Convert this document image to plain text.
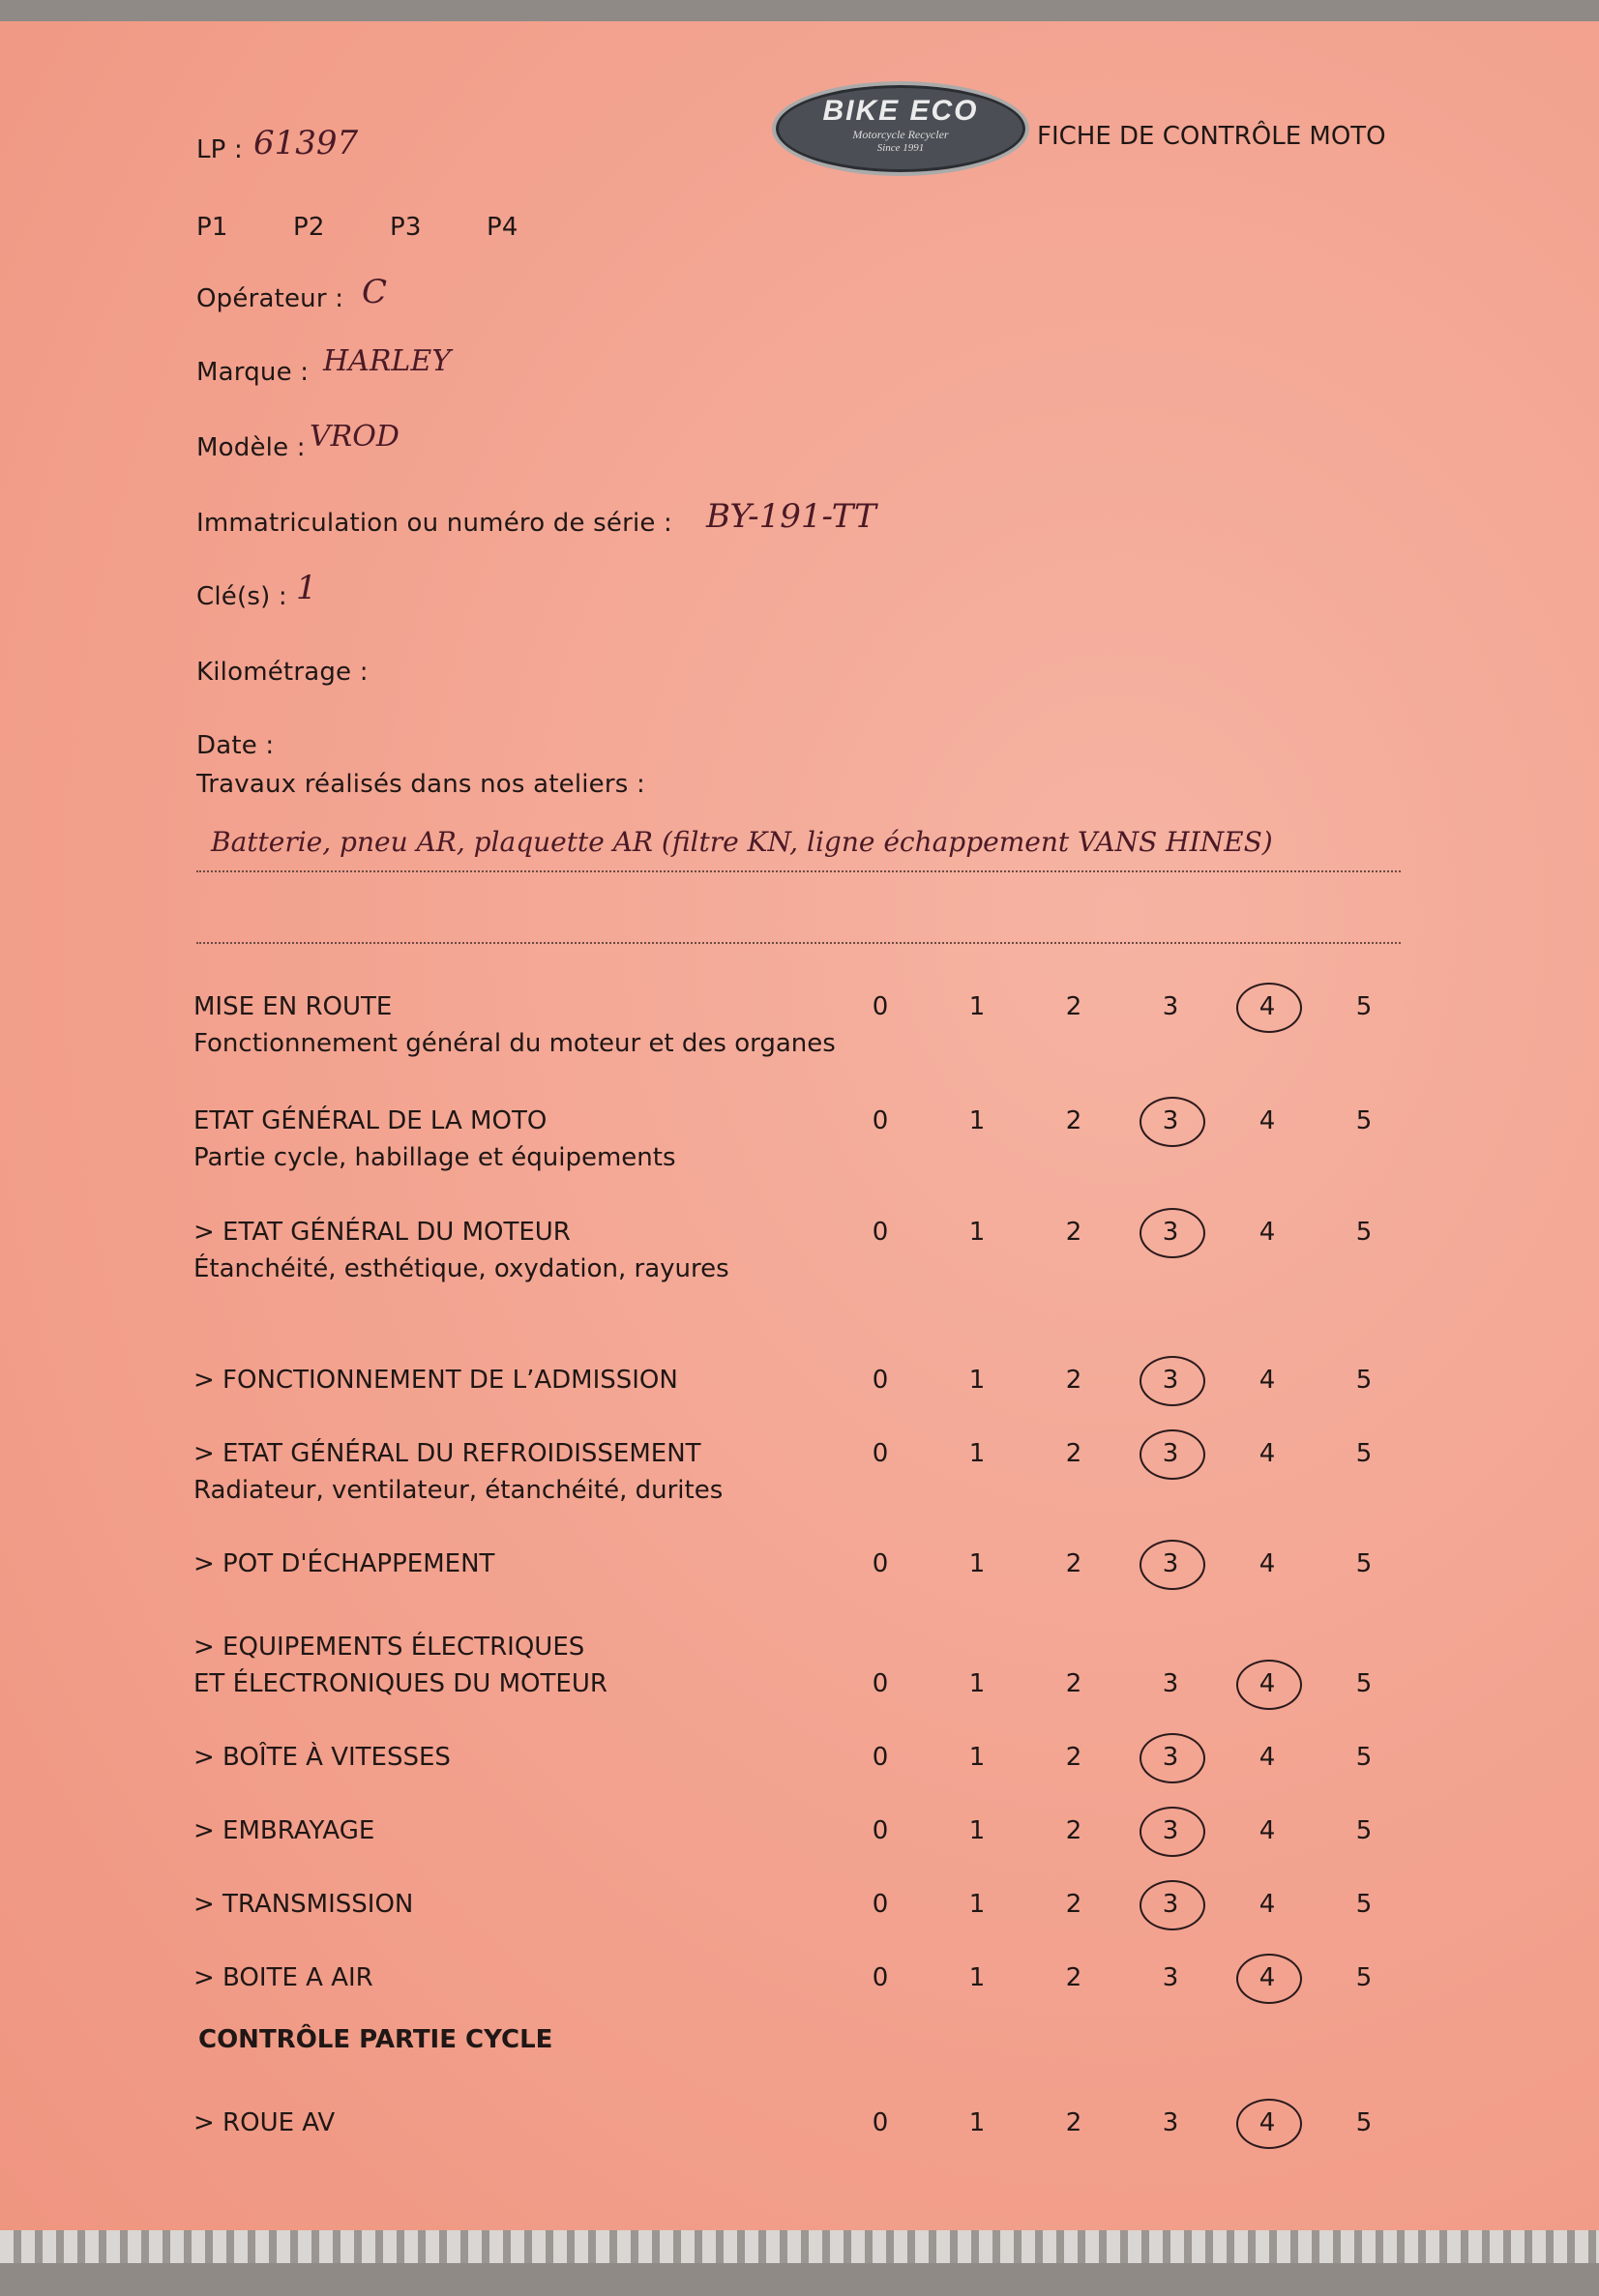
BIKE ECO
Motorcycle Recycler
Since 1991	FICHE DE CONTRÔLE MOTO
LP : 61397
P1	P2	P3	P4
Opérateur : C
Marque : HARLEY
Modèle : VROD
Immatriculation ou numéro de série : BY-191-TT
Clé(s) : 1
Kilométrage :
Date :
Travaux réalisés dans nos ateliers :
Batterie, pneu AR, plaquette AR (filtre KN, ligne échappement VANS HINES)
MISE EN ROUTE
Fonctionnement général du moteur et des organes
0	1	2	3	4	5
ETAT GÉNÉRAL DE LA MOTO
Partie cycle, habillage et équipements
0	1	2	3	4	5
> ETAT GÉNÉRAL DU MOTEUR
Étanchéité, esthétique, oxydation, rayures
0	1	2	3	4	5
> FONCTIONNEMENT DE L’ADMISSION	0	1	2	3	4	5
> ETAT GÉNÉRAL DU REFROIDISSEMENT
Radiateur, ventilateur, étanchéité, durites
0	1	2	3	4	5
> POT D'ÉCHAPPEMENT	0	1	2	3	4	5
> EQUIPEMENTS ÉLECTRIQUES
ET ÉLECTRONIQUES DU MOTEUR	0	1	2	3	4	5
> BOÎTE À VITESSES	0	1	2	3	4	5
> EMBRAYAGE	0	1	2	3	4	5
> TRANSMISSION	0	1	2	3	4	5
> BOITE A AIR	0	1	2	3	4	5
> ROUE AV	0	1	2	3	4	5
CONTRÔLE PARTIE CYCLE
